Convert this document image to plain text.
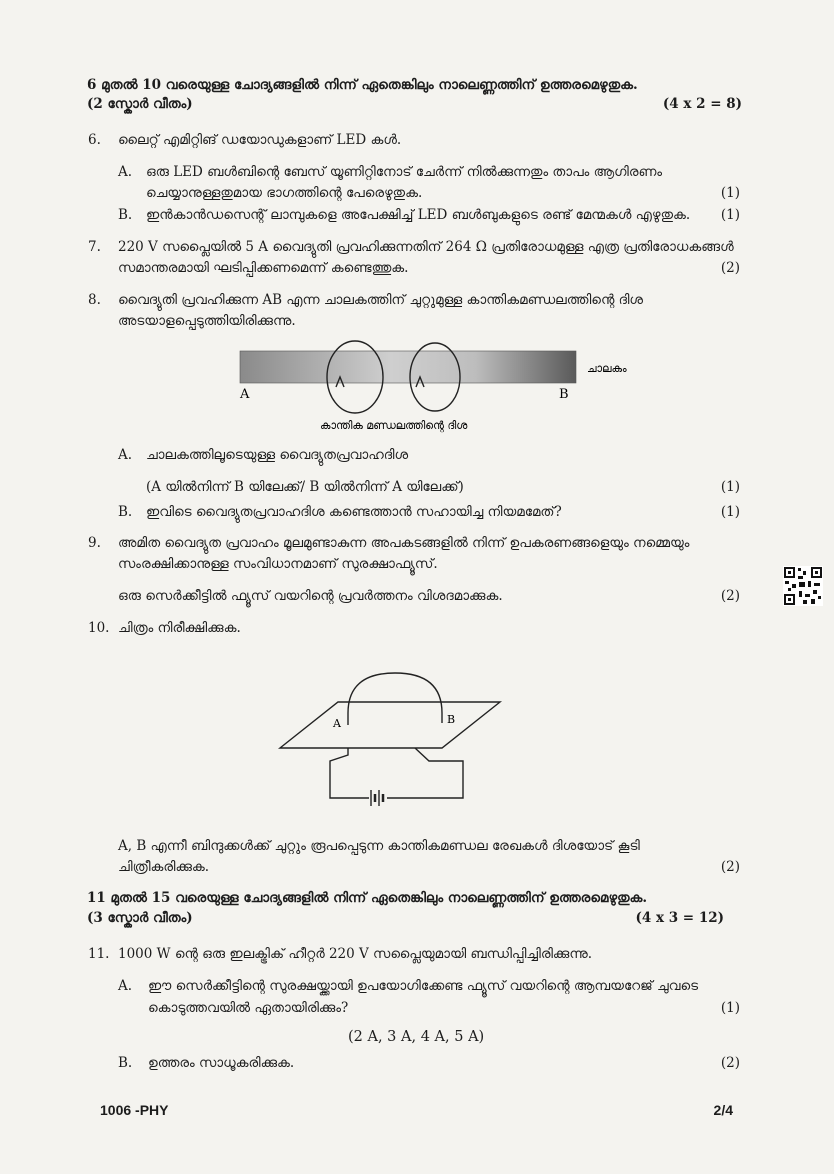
6 മുതൽ 10 വരെയുള്ള ചോദ്യങ്ങളിൽ നിന്ന് ഏതെങ്കിലും നാലെണ്ണത്തിന് ഉത്തരമെഴുതുക.
(2 സ്കോർ വീതം)	(4 x 2 = 8)
6. ലൈറ്റ് എമിറ്റിങ് ഡയോഡുകളാണ് LED കൾ.
A. ഒരു LED ബൾബിന്റെ ബേസ് യൂണിറ്റിനോട് ചേർന്ന് നിൽക്കുന്നതും താപം ആഗിരണം
ചെയ്യാനുള്ളതുമായ ഭാഗത്തിന്റെ പേരെഴുതുക.	(1)
B. ഇൻകാൻഡസെന്റ് ലാമ്പുകളെ അപേക്ഷിച്ച് LED ബൾബുകളുടെ രണ്ട് മേന്മകൾ എഴുതുക. (1)
7. 220 V സപ്ലൈയിൽ 5 A വൈദ്യുതി പ്രവഹിക്കുന്നതിന് 264 Ω പ്രതിരോധമുള്ള എത്ര പ്രതിരോധകങ്ങൾ
സമാന്തരമായി ഘടിപ്പിക്കണമെന്ന് കണ്ടെത്തുക.	(2)
8. വൈദ്യുതി പ്രവഹിക്കുന്ന AB എന്ന ചാലകത്തിന് ചുറ്റുമുള്ള കാന്തികമണ്ഡലത്തിന്റെ ദിശ
അടയാളപ്പെടുത്തിയിരിക്കുന്നു.
A	B
ചാലകം
കാന്തിക മണ്ഡലത്തിന്റെ ദിശ
A. ചാലകത്തിലൂടെയുള്ള വൈദ്യുതപ്രവാഹദിശ
(A യിൽനിന്ന് B യിലേക്ക്/ B യിൽനിന്ന് A യിലേക്ക്)	(1)
B. ഇവിടെ വൈദ്യുതപ്രവാഹദിശ കണ്ടെത്താൻ സഹായിച്ച നിയമമേത്?	(1)
9. അമിത വൈദ്യുത പ്രവാഹം മൂലമുണ്ടാകുന്ന അപകടങ്ങളിൽ നിന്ന് ഉപകരണങ്ങളെയും നമ്മെയും
സംരക്ഷിക്കാനുള്ള സംവിധാനമാണ് സുരക്ഷാഫ്യൂസ്.
ഒരു സെർക്കീട്ടിൽ ഫ്യൂസ് വയറിന്റെ പ്രവർത്തനം വിശദമാക്കുക.	(2)
10. ചിത്രം നിരീക്ഷിക്കുക.
A	B
A, B എന്നീ ബിന്ദുക്കൾക്ക് ചുറ്റും രൂപപ്പെടുന്ന കാന്തികമണ്ഡല രേഖകൾ ദിശയോട് കൂടി
ചിത്രീകരിക്കുക.	(2)
11 മുതൽ 15 വരെയുള്ള ചോദ്യങ്ങളിൽ നിന്ന് ഏതെങ്കിലും നാലെണ്ണത്തിന് ഉത്തരമെഴുതുക.
(3 സ്കോർ വീതം)	(4 x 3 = 12)
11. 1000 W ന്റെ ഒരു ഇലക്ട്രിക് ഹീറ്റർ 220 V സപ്ലൈയുമായി ബന്ധിപ്പിച്ചിരിക്കുന്നു.
A. ഈ സെർക്കീട്ടിന്റെ സുരക്ഷയ്ക്കായി ഉപയോഗിക്കേണ്ട ഫ്യൂസ് വയറിന്റെ ആമ്പയറേജ് ചുവടെ
കൊടുത്തവയിൽ ഏതായിരിക്കും?	(1)
(2 A, 3 A, 4 A, 5 A)
B. ഉത്തരം സാധൂകരിക്കുക.	(2)
1006 -PHY	2/4
